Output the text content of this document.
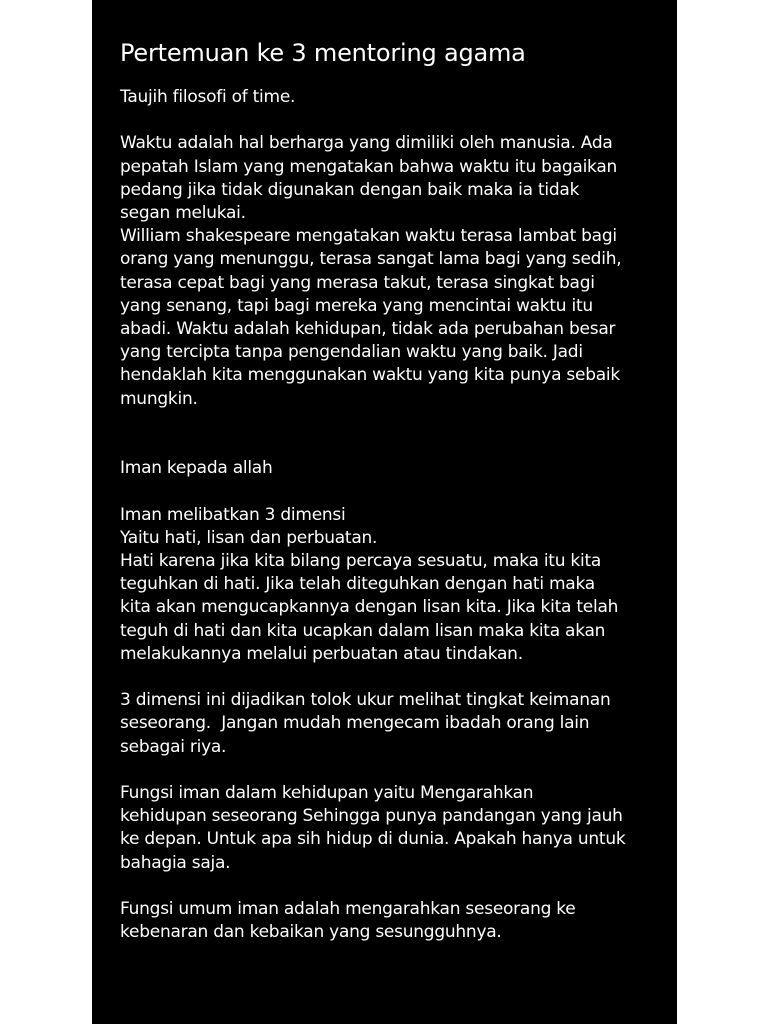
Pertemuan ke 3 mentoring agama
Taujih filosofi of time.
Waktu adalah hal berharga yang dimiliki oleh manusia. Ada
pepatah Islam yang mengatakan bahwa waktu itu bagaikan
pedang jika tidak digunakan dengan baik maka ia tidak
segan melukai.
William shakespeare mengatakan waktu terasa lambat bagi
orang yang menunggu, terasa sangat lama bagi yang sedih,
terasa cepat bagi yang merasa takut, terasa singkat bagi
yang senang, tapi bagi mereka yang mencintai waktu itu
abadi. Waktu adalah kehidupan, tidak ada perubahan besar
yang tercipta tanpa pengendalian waktu yang baik. Jadi
hendaklah kita menggunakan waktu yang kita punya sebaik
mungkin.
Iman kepada allah
Iman melibatkan 3 dimensi
Yaitu hati, lisan dan perbuatan.
Hati karena jika kita bilang percaya sesuatu, maka itu kita
teguhkan di hati. Jika telah diteguhkan dengan hati maka
kita akan mengucapkannya dengan lisan kita. Jika kita telah
teguh di hati dan kita ucapkan dalam lisan maka kita akan
melakukannya melalui perbuatan atau tindakan.
3 dimensi ini dijadikan tolok ukur melihat tingkat keimanan
seseorang.  Jangan mudah mengecam ibadah orang lain
sebagai riya.
Fungsi iman dalam kehidupan yaitu Mengarahkan
kehidupan seseorang Sehingga punya pandangan yang jauh
ke depan. Untuk apa sih hidup di dunia. Apakah hanya untuk
bahagia saja.
Fungsi umum iman adalah mengarahkan seseorang ke
kebenaran dan kebaikan yang sesungguhnya.
